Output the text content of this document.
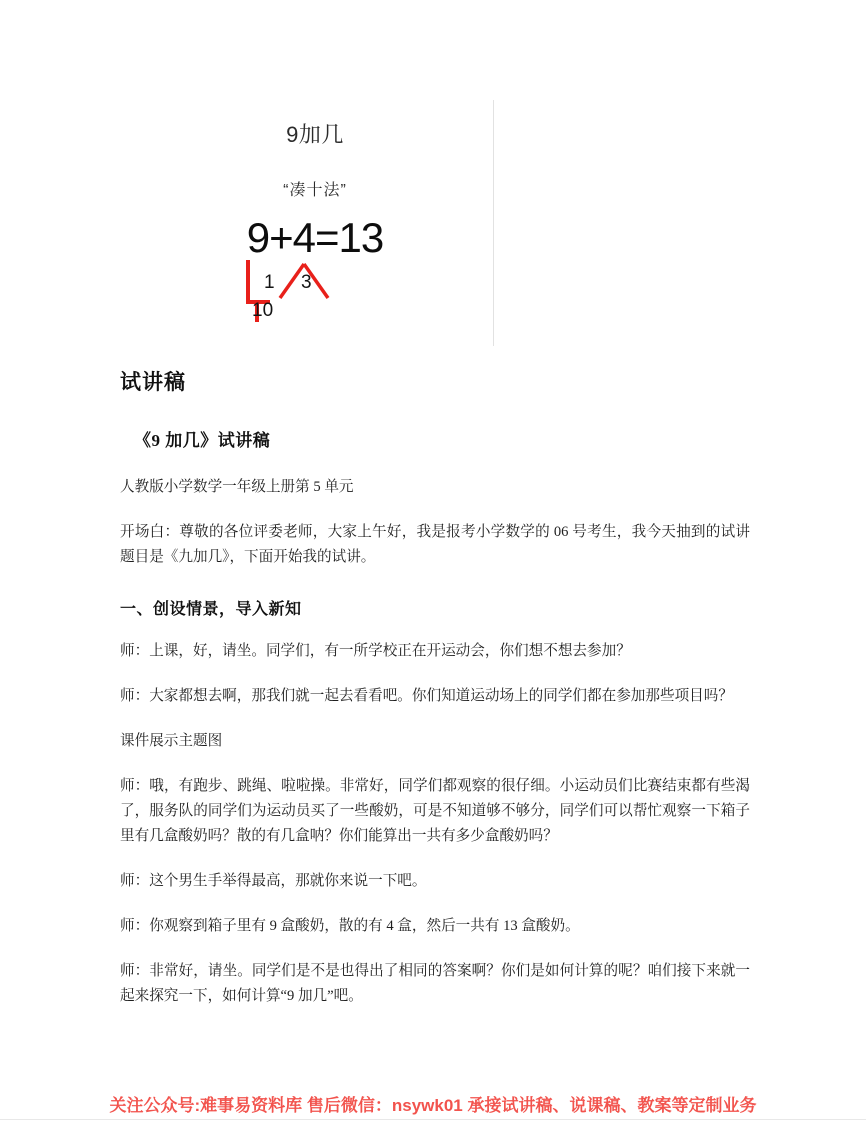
9加几
“凑十法”
9+4=13
1 3
10
试讲稿
《9 加几》试讲稿

人教版小学数学一年级上册第 5 单元

开场白：尊敬的各位评委老师，大家上午好，我是报考小学数学的 06 号考生，我今天抽到的试讲题目是《九加几》，下面开始我的试讲。

一、创设情景，导入新知

师：上课，好，请坐。同学们，有一所学校正在开运动会，你们想不想去参加？

师：大家都想去啊，那我们就一起去看看吧。你们知道运动场上的同学们都在参加那些项目吗？

课件展示主题图

师：哦，有跑步、跳绳、啦啦操。非常好，同学们都观察的很仔细。小运动员们比赛结束都有些渴了，服务队的同学们为运动员买了一些酸奶，可是不知道够不够分，同学们可以帮忙观察一下箱子里有几盒酸奶吗？散的有几盒呐？你们能算出一共有多少盒酸奶吗？

师：这个男生手举得最高，那就你来说一下吧。

师：你观察到箱子里有 9 盒酸奶，散的有 4 盒，然后一共有 13 盒酸奶。

师：非常好，请坐。同学们是不是也得出了相同的答案啊？你们是如何计算的呢？咱们接下来就一起来探究一下，如何计算“9 加几”吧。

关注公众号:难事易资料库 售后微信：nsywk01 承接试讲稿、说课稿、教案等定制业务
